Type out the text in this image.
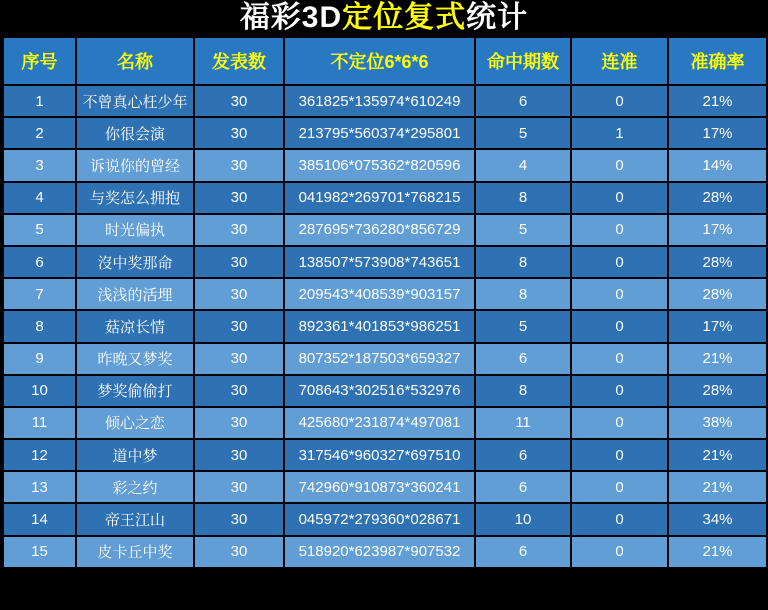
福彩3D 定位复式 统计
序号	名称	发表数	不定位6*6*6	命中期数	连准	准确率
1	不曾真心枉少年	30	361825*135974*610249	6	0	21%
2	你很会演	30	213795*560374*295801	5	1	17%
3	诉说你的曾经	30	385106*075362*820596	4	0	14%
4	与奖怎么拥抱	30	041982*269701*768215	8	0	28%
5	时光偏执	30	287695*736280*856729	5	0	17%
6	沒中奖那命	30	138507*573908*743651	8	0	28%
7	浅浅的活埋	30	209543*408539*903157	8	0	28%
8	菇凉长情	30	892361*401853*986251	5	0	17%
9	昨晚又梦奖	30	807352*187503*659327	6	0	21%
10	梦奖偷偷打	30	708643*302516*532976	8	0	28%
11	倾心之恋	30	425680*231874*497081	11	0	38%
12	道中梦	30	317546*960327*697510	6	0	21%
13	彩之约	30	742960*910873*360241	6	0	21%
14	帝王江山	30	045972*279360*028671	10	0	34%
15	皮卡丘中奖	30	518920*623987*907532	6	0	21%
